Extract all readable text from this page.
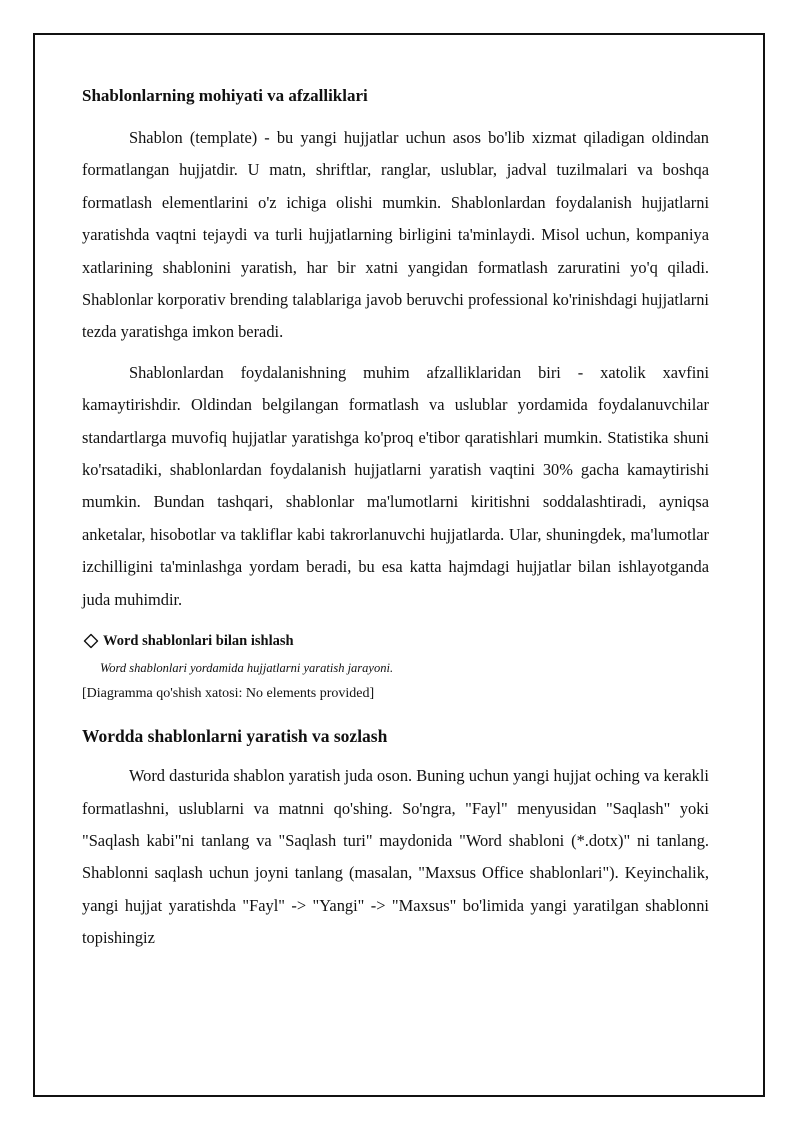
Shablonlarning mohiyati va afzalliklari

Shablon (template) - bu yangi hujjatlar uchun asos bo'lib xizmat qiladigan oldindan formatlangan hujjatdir. U matn, shriftlar, ranglar, uslublar, jadval tuzilmalari va boshqa formatlash elementlarini o'z ichiga olishi mumkin. Shablonlardan foydalanish hujjatlarni yaratishda vaqtni tejaydi va turli hujjatlarning birligini ta'minlaydi. Misol uchun, kompaniya xatlarining shablonini yaratish, har bir xatni yangidan formatlash zaruratini yo'q qiladi. Shablonlar korporativ brending talablariga javob beruvchi professional ko'rinishdagi hujjatlarni tezda yaratishga imkon beradi.

Shablonlardan foydalanishning muhim afzalliklaridan biri - xatolik xavfini kamaytirishdir. Oldindan belgilangan formatlash va uslublar yordamida foydalanuvchilar standartlarga muvofiq hujjatlar yaratishga ko'proq e'tibor qaratishlari mumkin. Statistika shuni ko'rsatadiki, shablonlardan foydalanish hujjatlarni yaratish vaqtini 30% gacha kamaytirishi mumkin. Bundan tashqari, shablonlar ma'lumotlarni kiritishni soddalashtiradi, ayniqsa anketalar, hisobotlar va takliflar kabi takrorlanuvchi hujjatlarda. Ular, shuningdek, ma'lumotlar izchilligini ta'minlashga yordam beradi, bu esa katta hajmdagi hujjatlar bilan ishlayotganda juda muhimdir.

Word shablonlari bilan ishlash
Word shablonlari yordamida hujjatlarni yaratish jarayoni.
[Diagramma qo'shish xatosi: No elements provided]
Wordda shablonlarni yaratish va sozlash

Word dasturida shablon yaratish juda oson. Buning uchun yangi hujjat oching va kerakli formatlashni, uslublarni va matnni qo'shing. So'ngra, "Fayl" menyusidan "Saqlash" yoki "Saqlash kabi"ni tanlang va "Saqlash turi" maydonida "Word shabloni (*.dotx)" ni tanlang. Shablonni saqlash uchun joyni tanlang (masalan, "Maxsus Office shablonlari"). Keyinchalik, yangi hujjat yaratishda "Fayl" -> "Yangi" -> "Maxsus" bo'limida yangi yaratilgan shablonni topishingiz
